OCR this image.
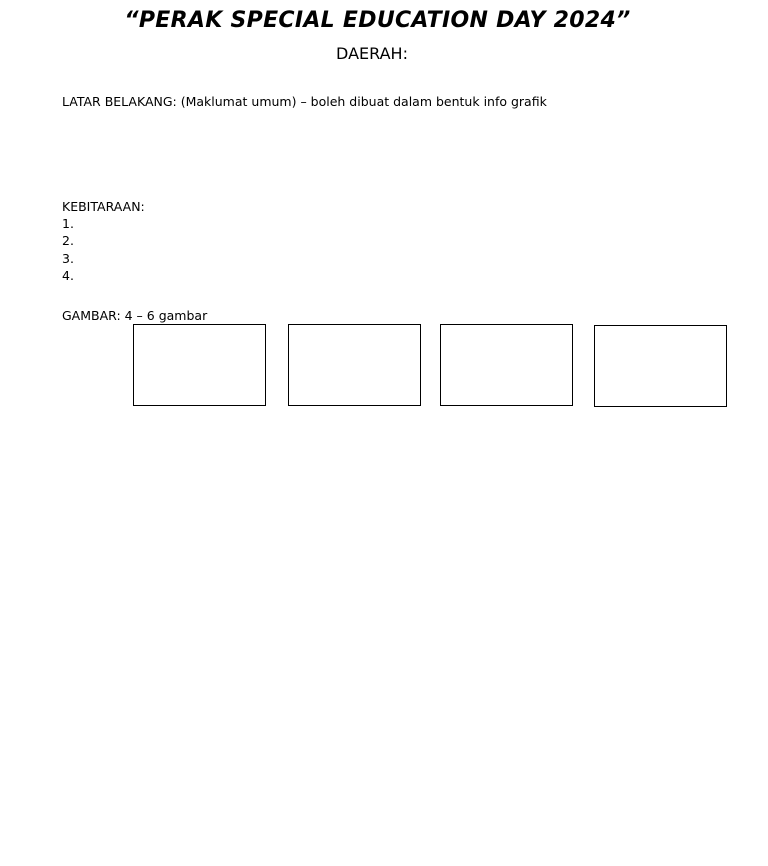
“PERAK SPECIAL EDUCATION DAY 2024”
DAERAH:
LATAR BELAKANG: (Maklumat umum) – boleh dibuat dalam bentuk info grafik
KEBITARAAN:
1.
2.
3.
4.
GAMBAR: 4 – 6 gambar
